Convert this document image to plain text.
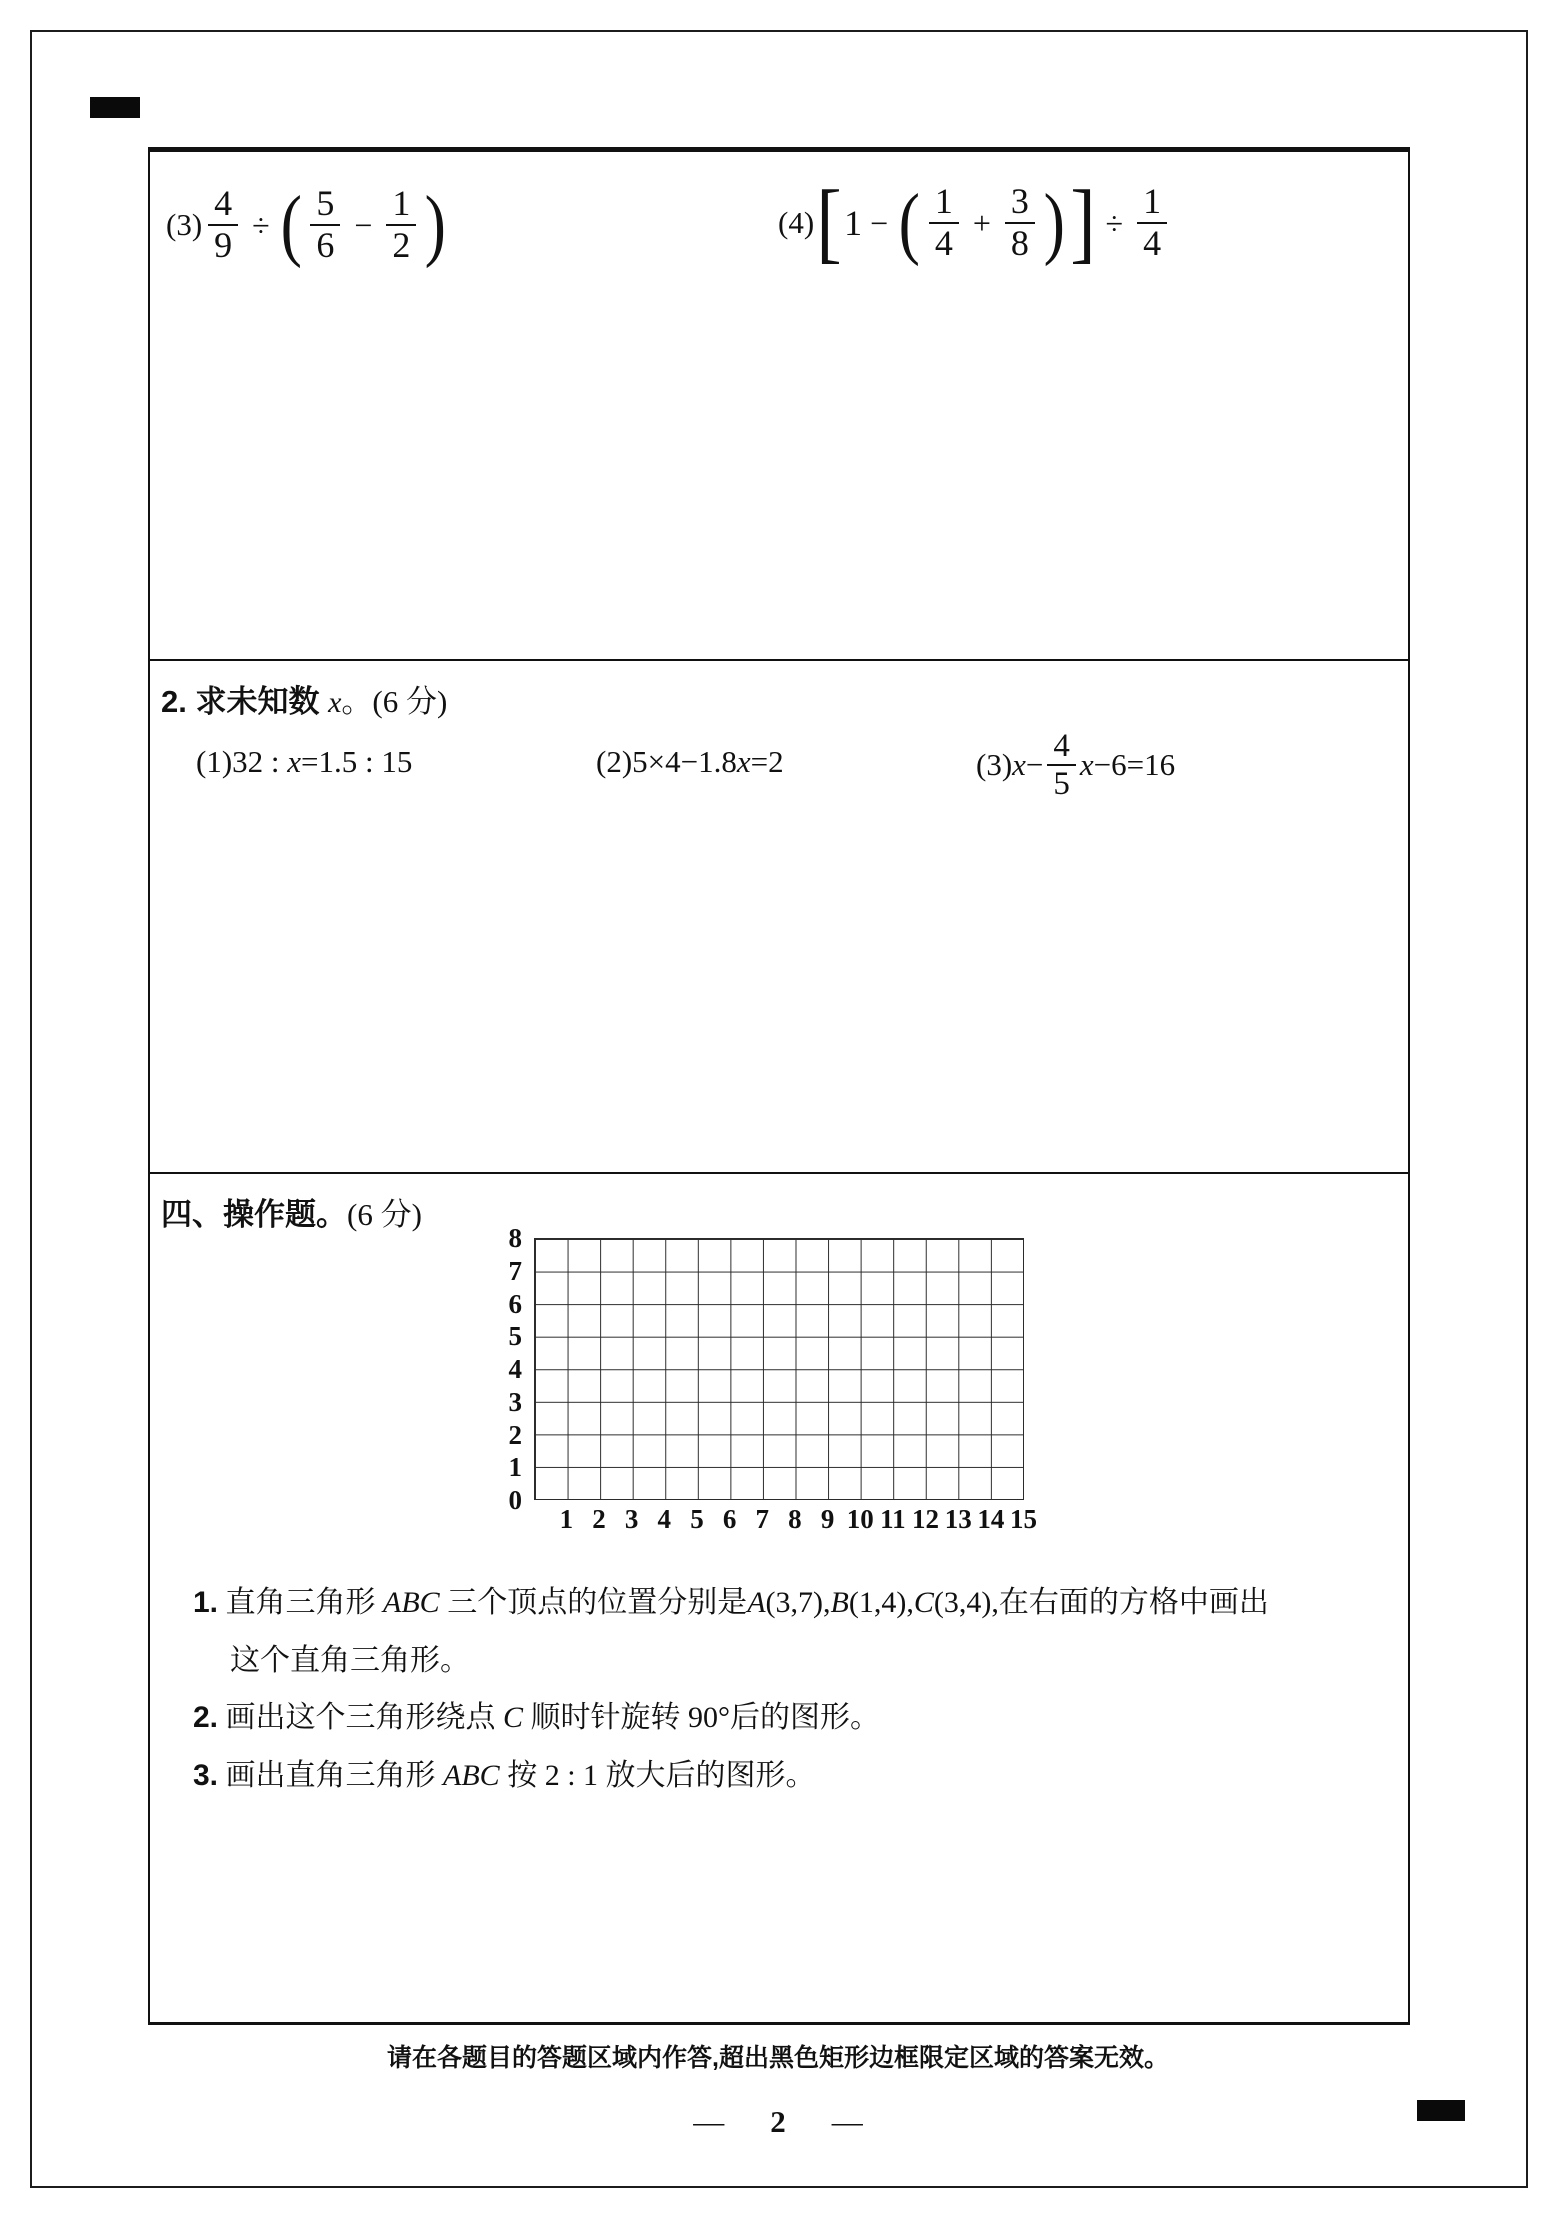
$(3) \frac{4}{9}$ ÷ ( $\frac{5}{6} - \frac{1}{2}$ )	(4) [ 1 − ( $\frac{1}{4} + \frac{3}{8}$ ) ] ÷ $\frac{1}{4}$
2. 求未知数 x 。(6 分)
(1)32 : x =1.5 : 15	(2)5×4−1.8 x =2	(3) $x - \frac{4}{5}$ x −6=16
四、 操作题。 (6 分)
8
7
6
5
4
3
2
1
0
1 2 3 4 5 6 7 8 9 10 11 12 13 14 15

1. 直角三角形 ABC 三个顶点的位置分别是A(3,7),B(1,4),C(3,4),在右面的方格中画出

这个直角三角形。

2. 画出这个三角形绕点 C 顺时针旋转 90°后的图形。

3. 画出直角三角形 ABC 按 2 : 1 放大后的图形。

请在各题目的答题区域内作答,超出黑色矩形边框限定区域的答案无效。
— 2 —
